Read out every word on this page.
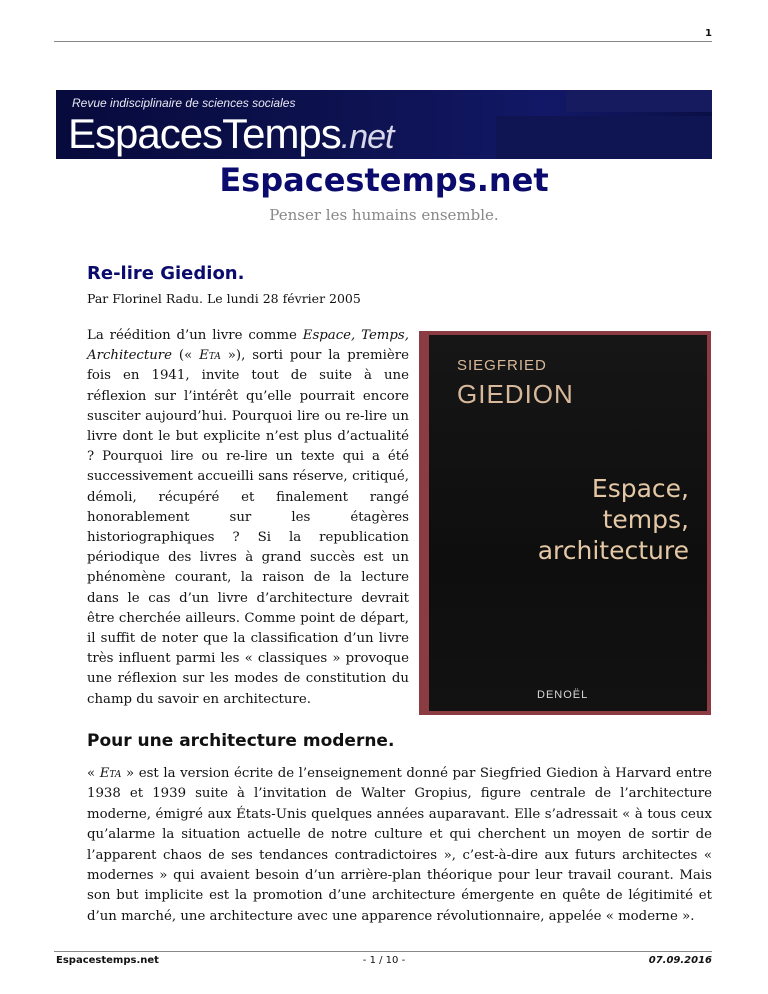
1
Revue indisciplinaire de sciences sociales
EspacesTemps.net
Espacestemps.net
Penser les humains ensemble.
Re-lire Giedion.
Par Florinel Radu. Le lundi 28 février 2005

La réédition d’un livre comme Espace, Temps, Architecture (« Eta »), sorti pour la première fois en 1941, invite tout de suite à une réflexion sur l’intérêt qu’elle pourrait encore susciter aujourd’hui. Pourquoi lire ou re-lire un livre dont le but explicite n’est plus d’actualité ? Pourquoi lire ou re-lire un texte qui a été successivement accueilli sans réserve, critiqué, démoli, récupéré et finalement rangé honorablement sur les étagères historiographiques ? Si la republication périodique des livres à grand succès est un phénomène courant, la raison de la lecture dans le cas d’un livre d’architecture devrait être cherchée ailleurs. Comme point de départ, il suffit de noter que la classification d’un livre très influent parmi les « classiques » provoque une réflexion sur les modes de constitution du champ du savoir en architecture.

SIEGFRIED
GIEDION
Espace,
temps,
architecture
DENOËL
Pour une architecture moderne.

« Eta » est la version écrite de l’enseignement donné par Siegfried Giedion à Harvard entre 1938 et 1939 suite à l’invitation de Walter Gropius, figure centrale de l’architecture moderne, émigré aux États-Unis quelques années auparavant. Elle s’adressait « à tous ceux qu’alarme la situation actuelle de notre culture et qui cherchent un moyen de sortir de l’apparent chaos de ses tendances contradictoires », c’est-à-dire aux futurs architectes « modernes » qui avaient besoin d’un arrière-plan théorique pour leur travail courant. Mais son but implicite est la promotion d’une architecture émergente en quête de légitimité et d’un marché, une architecture avec une apparence révolutionnaire, appelée « moderne ».

Espacestemps.net	- 1 / 10 -	07.09.2016
